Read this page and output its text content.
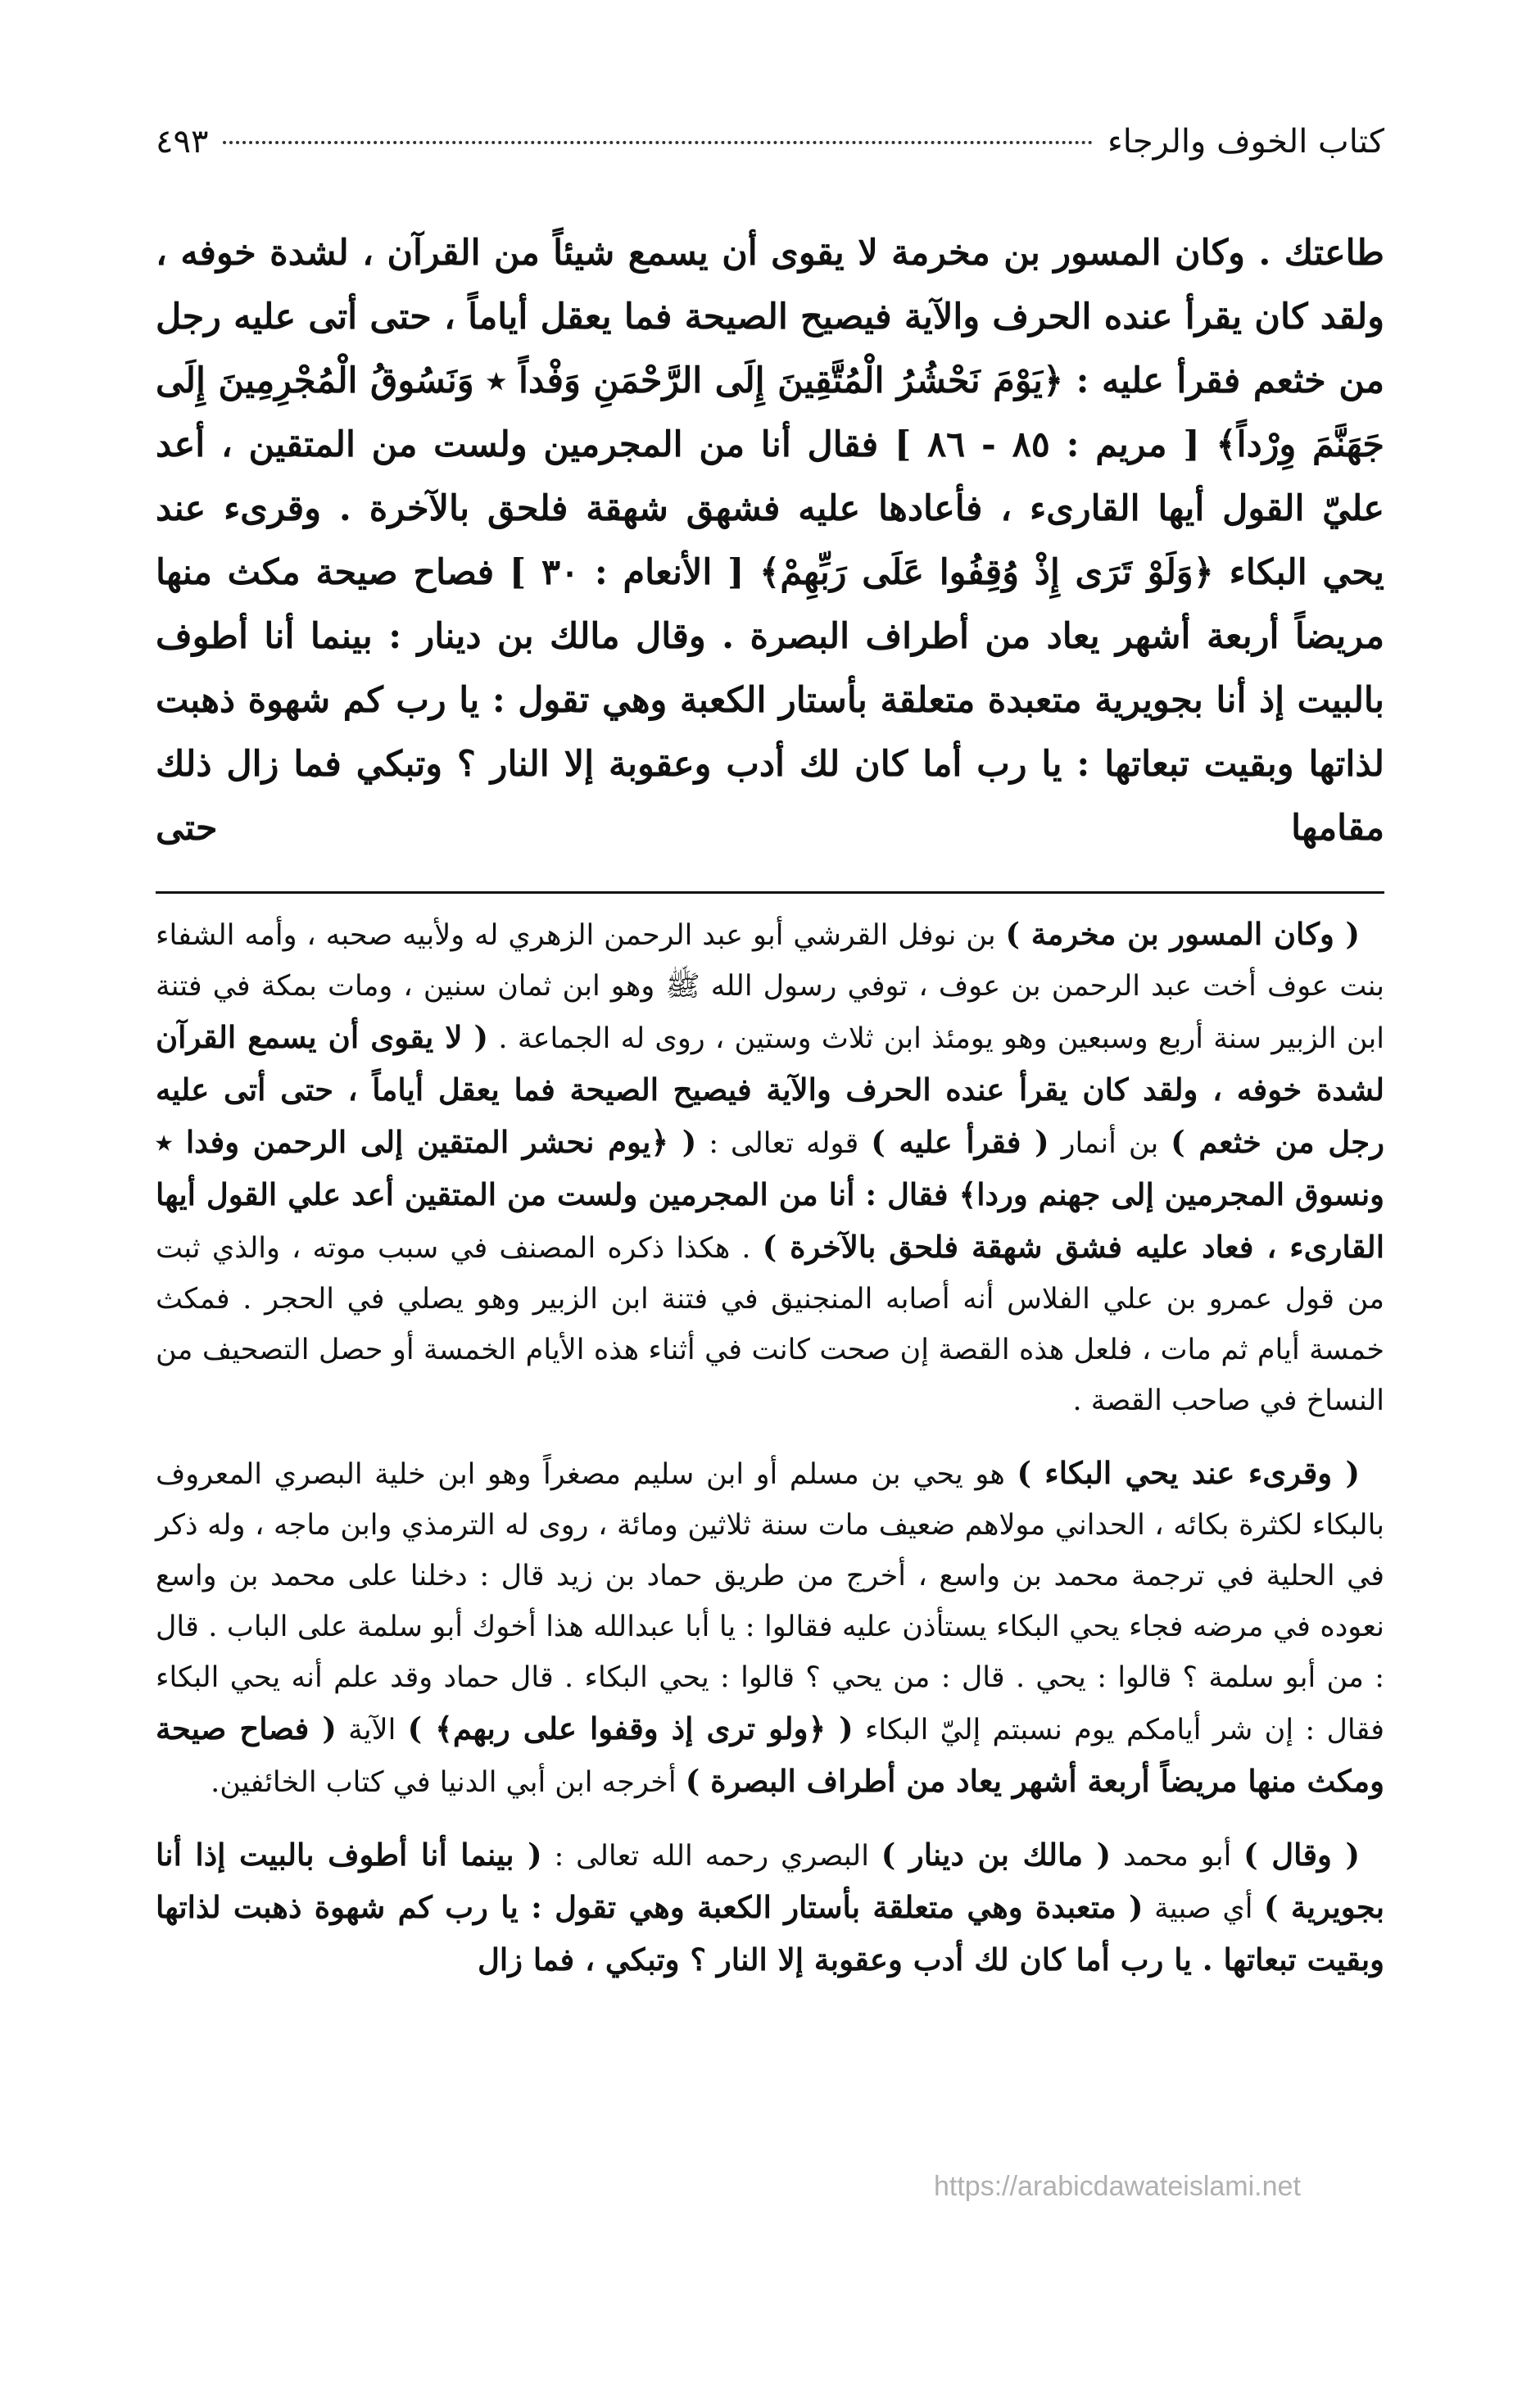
كتاب الخوف والرجاء
٤٩٣

طاعتك . وكان المسور بن مخرمة لا يقوى أن يسمع شيئاً من القرآن ، لشدة خوفه ، ولقد كان يقرأ عنده الحرف والآية فيصيح الصيحة فما يعقل أياماً ، حتى أتى عليه رجل من خثعم فقرأ عليه : ﴿يَوْمَ نَحْشُرُ الْمُتَّقِينَ إِلَى الرَّحْمَنِ وَفْداً ٭ وَنَسُوقُ الْمُجْرِمِينَ إِلَى جَهَنَّمَ وِرْداً﴾ [ مريم : ٨٥ - ٨٦ ] فقال أنا من المجرمين ولست من المتقين ، أعد عليّ القول أيها القارىء ، فأعادها عليه فشهق شهقة فلحق بالآخرة . وقرىء عند يحي البكاء ﴿وَلَوْ تَرَى إِذْ وُقِفُوا عَلَى رَبِّهِمْ﴾ [ الأنعام : ٣٠ ] فصاح صيحة مكث منها مريضاً أربعة أشهر يعاد من أطراف البصرة . وقال مالك بن دينار : بينما أنا أطوف بالبيت إذ أنا بجويرية متعبدة متعلقة بأستار الكعبة وهي تقول : يا رب كم شهوة ذهبت لذاتها وبقيت تبعاتها : يا رب أما كان لك أدب وعقوبة إلا النار ؟ وتبكي فما زال ذلك مقامها حتى

( وكان المسور بن مخرمة ) بن نوفل القرشي أبو عبد الرحمن الزهري له ولأبيه صحبه ، وأمه الشفاء بنت عوف أخت عبد الرحمن بن عوف ، توفي رسول الله ﷺ وهو ابن ثمان سنين ، ومات بمكة في فتنة ابن الزبير سنة أربع وسبعين وهو يومئذ ابن ثلاث وستين ، روى له الجماعة . ( لا يقوى أن يسمع القرآن لشدة خوفه ، ولقد كان يقرأ عنده الحرف والآية فيصيح الصيحة فما يعقل أياماً ، حتى أتى عليه رجل من خثعم ) بن أنمار ( فقرأ عليه ) قوله تعالى : ( ﴿يوم نحشر المتقين إلى الرحمن وفدا ٭ ونسوق المجرمين إلى جهنم وردا﴾ فقال : أنا من المجرمين ولست من المتقين أعد علي القول أيها القارىء ، فعاد عليه فشق شهقة فلحق بالآخرة ) . هكذا ذكره المصنف في سبب موته ، والذي ثبت من قول عمرو بن علي الفلاس أنه أصابه المنجنيق في فتنة ابن الزبير وهو يصلي في الحجر . فمكث خمسة أيام ثم مات ، فلعل هذه القصة إن صحت كانت في أثناء هذه الأيام الخمسة أو حصل التصحيف من النساخ في صاحب القصة .

( وقرىء عند يحي البكاء ) هو يحي بن مسلم أو ابن سليم مصغراً وهو ابن خلية البصري المعروف بالبكاء لكثرة بكائه ، الحداني مولاهم ضعيف مات سنة ثلاثين ومائة ، روى له الترمذي وابن ماجه ، وله ذكر في الحلية في ترجمة محمد بن واسع ، أخرج من طريق حماد بن زيد قال : دخلنا على محمد بن واسع نعوده في مرضه فجاء يحي البكاء يستأذن عليه فقالوا : يا أبا عبدالله هذا أخوك أبو سلمة على الباب . قال : من أبو سلمة ؟ قالوا : يحي . قال : من يحي ؟ قالوا : يحي البكاء . قال حماد وقد علم أنه يحي البكاء فقال : إن شر أيامكم يوم نسبتم إليّ البكاء ( ﴿ولو ترى إذ وقفوا على ربهم﴾ ) الآية ( فصاح صيحة ومكث منها مريضاً أربعة أشهر يعاد من أطراف البصرة ) أخرجه ابن أبي الدنيا في كتاب الخائفين.

( وقال ) أبو محمد ( مالك بن دينار ) البصري رحمه الله تعالى : ( بينما أنا أطوف بالبيت إذا أنا بجويرية ) أي صبية ( متعبدة وهي متعلقة بأستار الكعبة وهي تقول : يا رب كم شهوة ذهبت لذاتها وبقيت تبعاتها . يا رب أما كان لك أدب وعقوبة إلا النار ؟ وتبكي ، فما زال

https://arabicdawateislami.net
